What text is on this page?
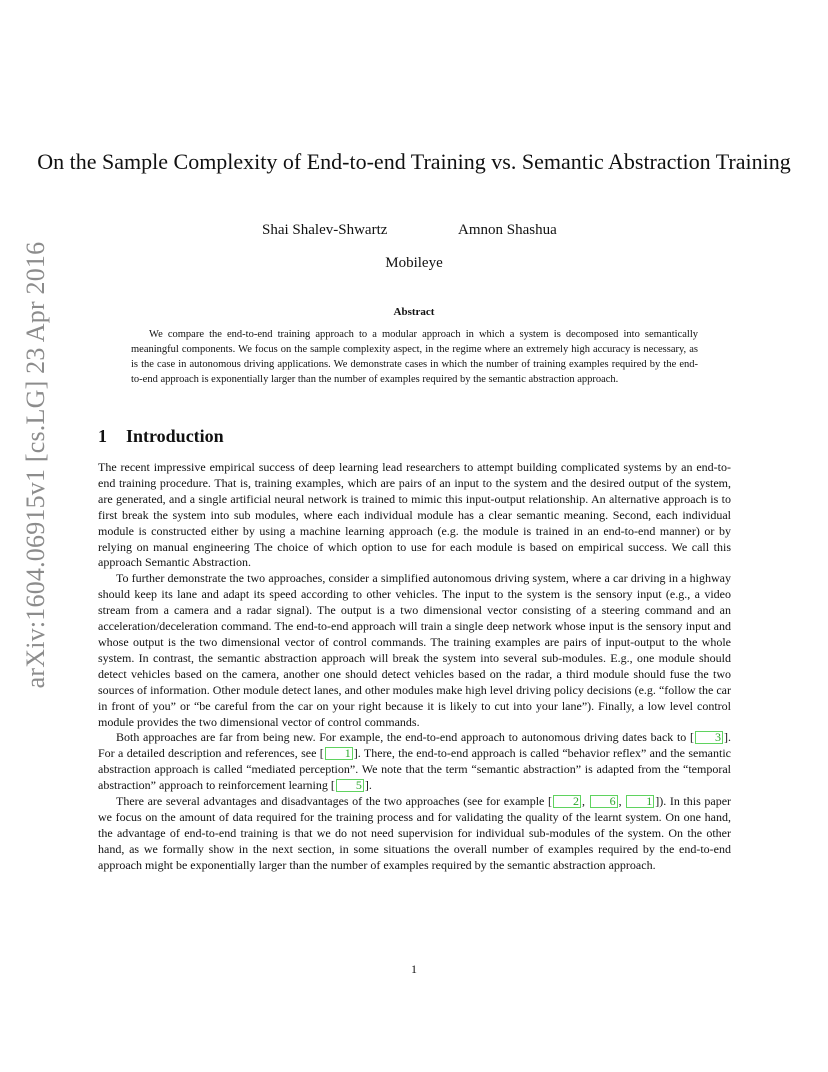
arXiv:1604.06915v1 [cs.LG] 23 Apr 2016
On the Sample Complexity of End-to-end Training vs. Semantic Abstraction Training
Shai Shalev-Shwartz	Amnon Shashua
Mobileye
Abstract

We compare the end-to-end training approach to a modular approach in which a system is decomposed into semantically meaningful components. We focus on the sample complexity aspect, in the regime where an extremely high accuracy is necessary, as is the case in autonomous driving applications. We demonstrate cases in which the number of training examples required by the end-to-end approach is exponentially larger than the number of examples required by the semantic abstraction approach.

1 Introduction

The recent impressive empirical success of deep learning lead researchers to attempt building complicated systems by an end-to-end training procedure. That is, training examples, which are pairs of an input to the system and the desired output of the system, are generated, and a single artificial neural network is trained to mimic this input-output relationship. An alternative approach is to first break the system into sub modules, where each individual module has a clear semantic meaning. Second, each individual module is constructed either by using a machine learning approach (e.g. the module is trained in an end-to-end manner) or by relying on manual engineering The choice of which option to use for each module is based on empirical success. We call this approach Semantic Abstraction.

To further demonstrate the two approaches, consider a simplified autonomous driving system, where a car driving in a highway should keep its lane and adapt its speed according to other vehicles. The input to the system is the sensory input (e.g., a video stream from a camera and a radar signal). The output is a two dimensional vector consisting of a steering command and an acceleration/deceleration command. The end-to-end approach will train a single deep network whose input is the sensory input and whose output is the two dimensional vector of control commands. The training examples are pairs of input-output to the whole system. In contrast, the semantic abstraction approach will break the system into several sub-modules. E.g., one module should detect vehicles based on the camera, another one should detect vehicles based on the radar, a third module should fuse the two sources of information. Other module detect lanes, and other modules make high level driving policy decisions (e.g. “follow the car in front of you” or “be careful from the car on your right because it is likely to cut into your lane”). Finally, a low level control module provides the two dimensional vector of control commands.

Both approaches are far from being new. For example, the end-to-end approach to autonomous driving dates back to [ 3 ]. For a detailed description and references, see [ 1 ]. There, the end-to-end approach is called “behavior reflex” and the semantic abstraction approach is called “mediated perception”. We note that the term “semantic abstraction” is adapted from the “temporal abstraction” approach to reinforcement learning [ 5 ].

There are several advantages and disadvantages of the two approaches (see for example [ 2 , 6 , 1 ]). In this paper we focus on the amount of data required for the training process and for validating the quality of the learnt system. On one hand, the advantage of end-to-end training is that we do not need supervision for individual sub-modules of the system. On the other hand, as we formally show in the next section, in some situations the overall number of examples required by the end-to-end approach might be exponentially larger than the number of examples required by the semantic abstraction approach.

1
